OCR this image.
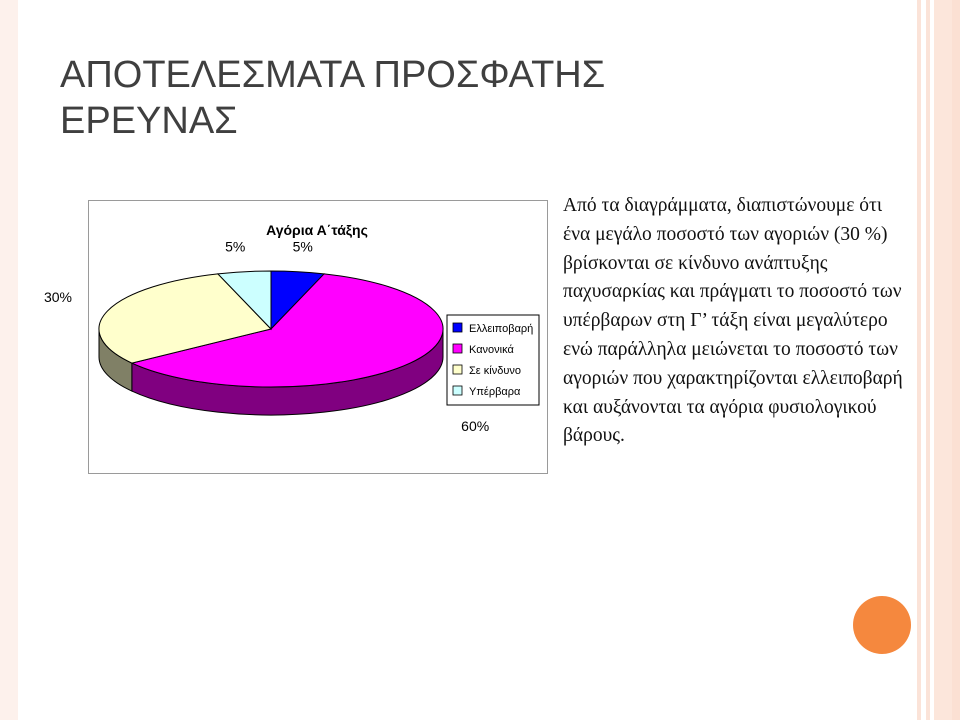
ΑΠΟΤΕΛΕΣΜΑΤΑ ΠΡΟΣΦΑΤΗΣ ΕΡΕΥΝΑΣ
Αγόρια Α΄τάξης
5%
60%
30%
5%
Ελλειποβαρή
Κανονικά
Σε κίνδυνο
Υπέρβαρα

Από τα διαγράμματα, διαπιστώνουμε ότι ένα μεγάλο ποσοστό των αγοριών (30 %) βρίσκονται σε κίνδυνο ανάπτυξης παχυσαρκίας και πράγματι το ποσοστό των υπέρβαρων στη Γ’ τάξη είναι μεγαλύτερο ενώ παράλληλα μειώνεται το ποσοστό των αγοριών που χαρακτηρίζονται ελλειποβαρή και αυξάνονται τα αγόρια φυσιολογικού βάρους.
